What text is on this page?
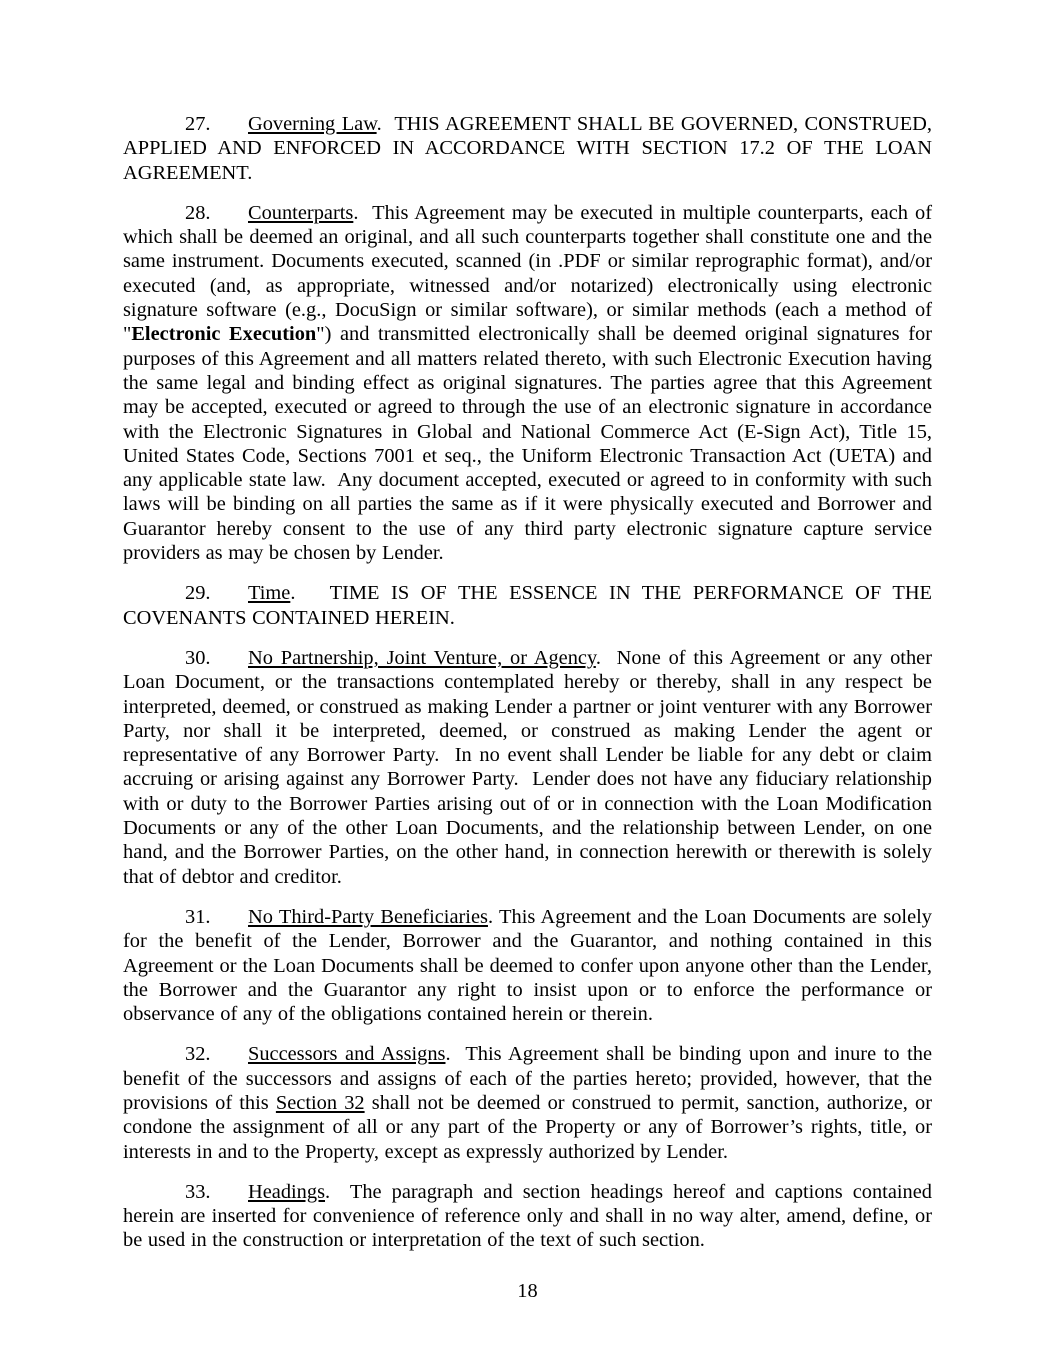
27. Governing Law.  THIS AGREEMENT SHALL BE GOVERNED, CONSTRUED, APPLIED AND ENFORCED IN ACCORDANCE WITH SECTION 17.2 OF THE LOAN AGREEMENT.

28. Counterparts.  This Agreement may be executed in multiple counterparts, each of which shall be deemed an original, and all such counterparts together shall constitute one and the same instrument. Documents executed, scanned (in .PDF or similar reprographic format), and/or executed (and, as appropriate, witnessed and/or notarized) electronically using electronic signature software (e.g., DocuSign or similar software), or similar methods (each a method of "Electronic Execution") and transmitted electronically shall be deemed original signatures for purposes of this Agreement and all matters related thereto, with such Electronic Execution having the same legal and binding effect as original signatures. The parties agree that this Agreement may be accepted, executed or agreed to through the use of an electronic signature in accordance with the Electronic Signatures in Global and National Commerce Act (E-Sign Act), Title 15, United States Code, Sections 7001 et seq., the Uniform Electronic Transaction Act (UETA) and any applicable state law.  Any document accepted, executed or agreed to in conformity with such laws will be binding on all parties the same as if it were physically executed and Borrower and Guarantor hereby consent to the use of any third party electronic signature capture service providers as may be chosen by Lender.

29. Time.   TIME IS OF THE ESSENCE IN THE PERFORMANCE OF THE COVENANTS CONTAINED HEREIN.

30. No Partnership, Joint Venture, or Agency.  None of this Agreement or any other Loan Document, or the transactions contemplated hereby or thereby, shall in any respect be interpreted, deemed, or construed as making Lender a partner or joint venturer with any Borrower Party, nor shall it be interpreted, deemed, or construed as making Lender the agent or representative of any Borrower Party.  In no event shall Lender be liable for any debt or claim accruing or arising against any Borrower Party.  Lender does not have any fiduciary relationship with or duty to the Borrower Parties arising out of or in connection with the Loan Modification Documents or any of the other Loan Documents, and the relationship between Lender, on one hand, and the Borrower Parties, on the other hand, in connection herewith or therewith is solely that of debtor and creditor.

31. No Third-Party Beneficiaries. This Agreement and the Loan Documents are solely for the benefit of the Lender, Borrower and the Guarantor, and nothing contained in this Agreement or the Loan Documents shall be deemed to confer upon anyone other than the Lender, the Borrower and the Guarantor any right to insist upon or to enforce the performance or observance of any of the obligations contained herein or therein.

32. Successors and Assigns.  This Agreement shall be binding upon and inure to the benefit of the successors and assigns of each of the parties hereto; provided, however, that the provisions of this Section 32 shall not be deemed or construed to permit, sanction, authorize, or condone the assignment of all or any part of the Property or any of Borrower’s rights, title, or interests in and to the Property, except as expressly authorized by Lender.

33. Headings.  The paragraph and section headings hereof and captions contained herein are inserted for convenience of reference only and shall in no way alter, amend, define, or be used in the construction or interpretation of the text of such section.

18
